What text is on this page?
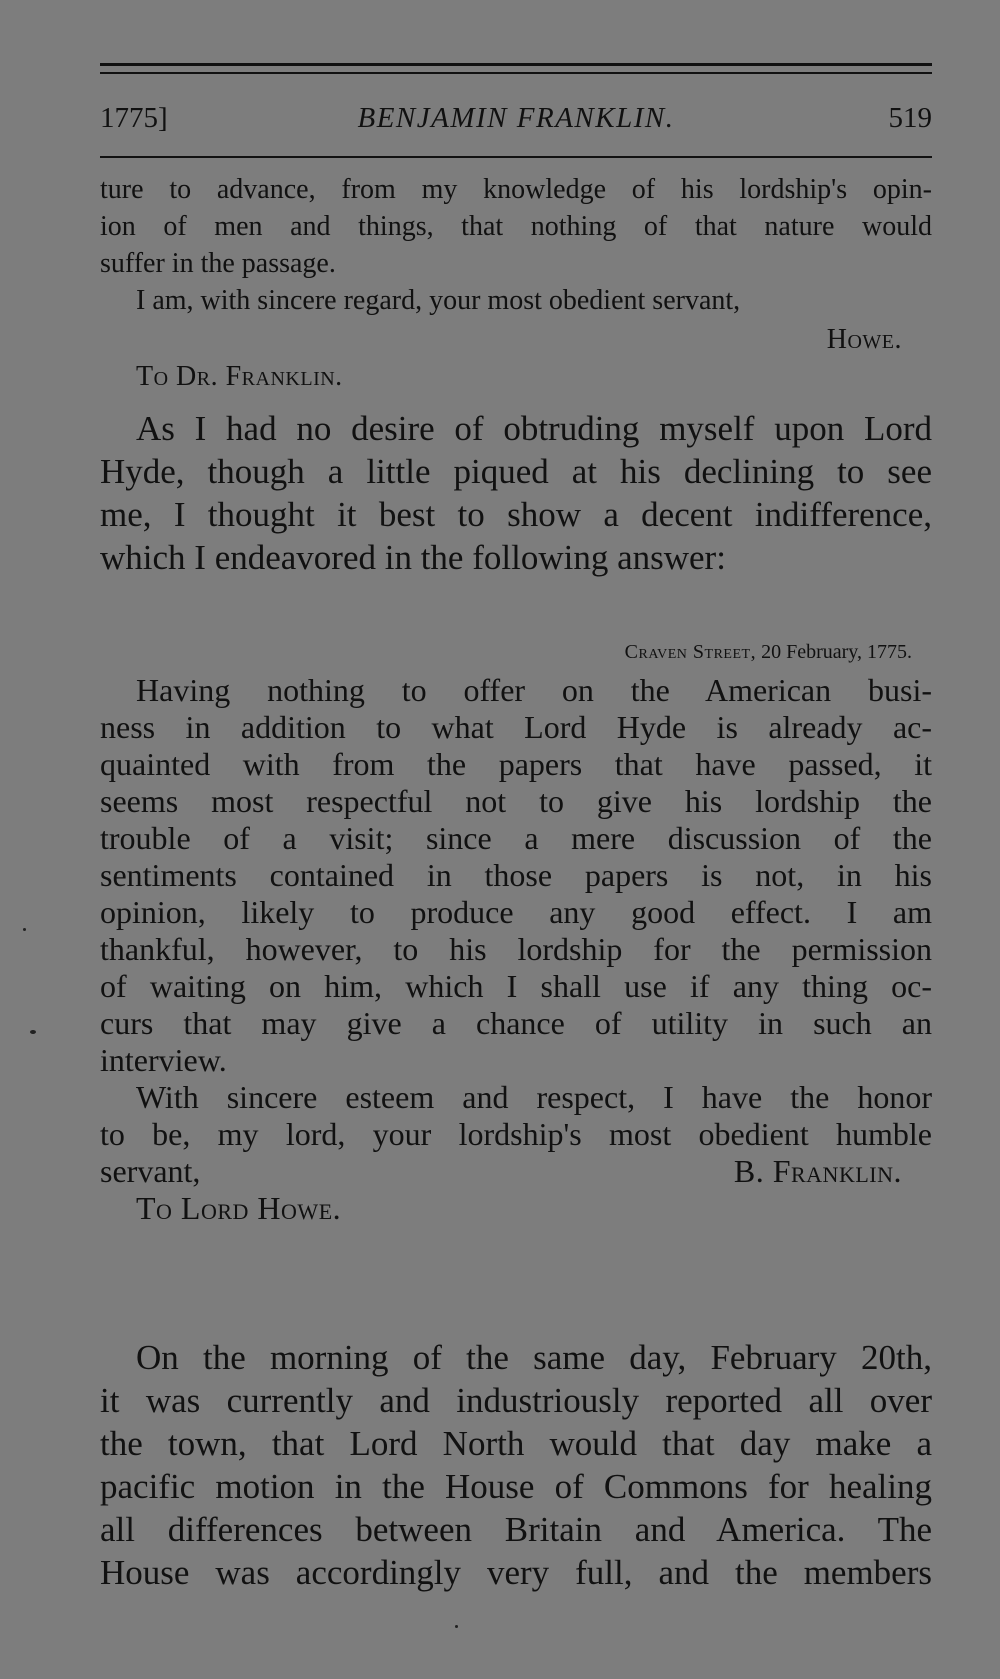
1775]	BENJAMIN FRANKLIN.	519
ture to advance, from my knowledge of his lordship's opin-
ion of men and things, that nothing of that nature would
suffer in the passage.
I am, with sincere regard, your most obedient servant,
Howe.
To Dr. Franklin.
As I had no desire of obtruding myself upon Lord
Hyde, though a little piqued at his declining to see
me, I thought it best to show a decent indifference,
which I endeavored in the following answer:
Craven Street, 20 February, 1775.
Having nothing to offer on the American busi-
ness in addition to what Lord Hyde is already ac-
quainted with from the papers that have passed, it
seems most respectful not to give his lordship the
trouble of a visit; since a mere discussion of the
sentiments contained in those papers is not, in his
opinion, likely to produce any good effect. I am
thankful, however, to his lordship for the permission
of waiting on him, which I shall use if any thing oc-
curs that may give a chance of utility in such an
interview.
With sincere esteem and respect, I have the honor
to be, my lord, your lordship's most obedient humble
servant,	B. Franklin.
To Lord Howe.
On the morning of the same day, February 20th,
it was currently and industriously reported all over
the town, that Lord North would that day make a
pacific motion in the House of Commons for healing
all differences between Britain and America. The
House was accordingly very full, and the members
